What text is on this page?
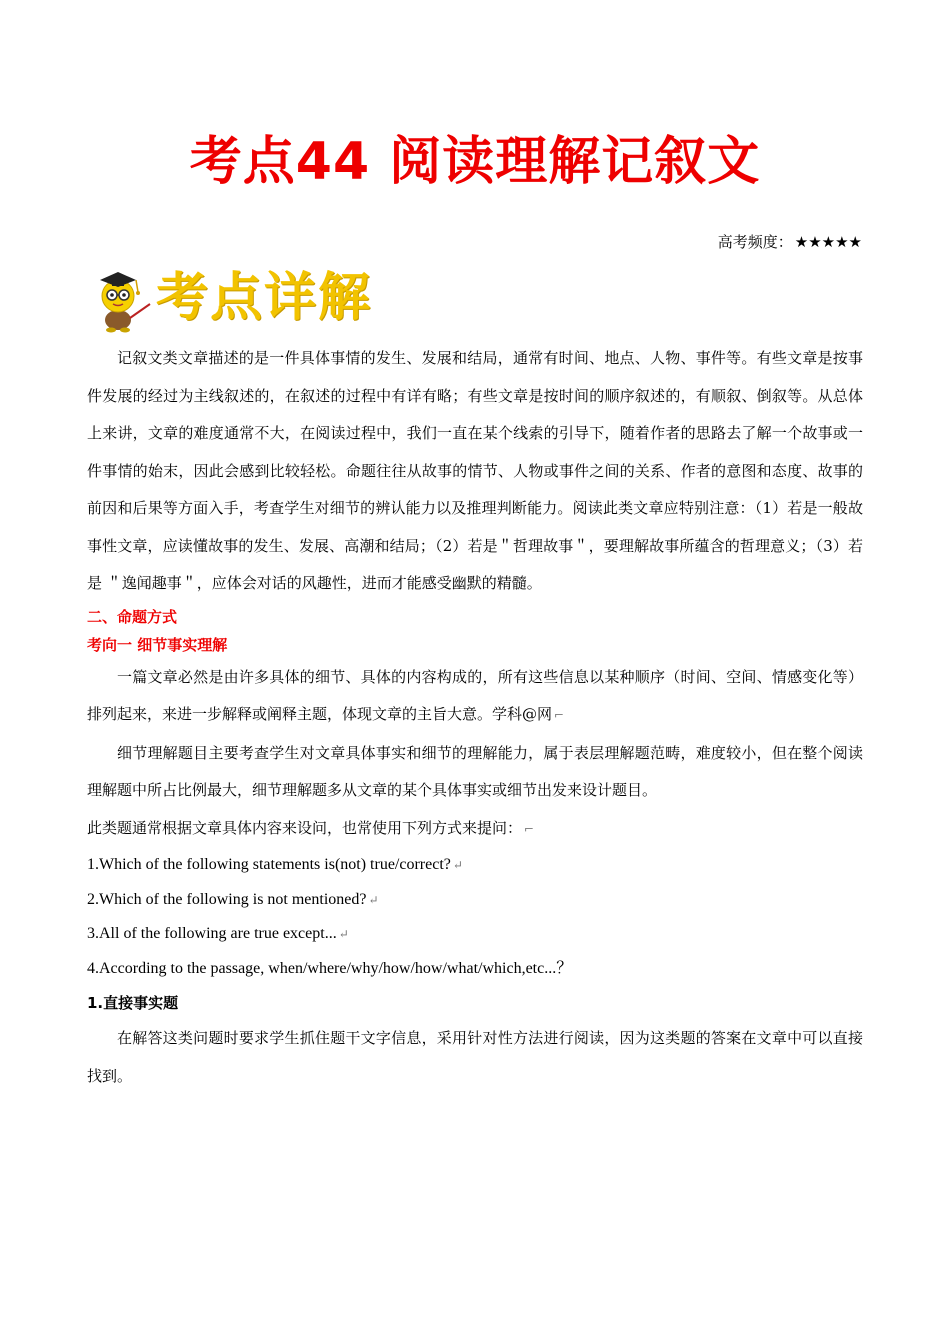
考点44 阅读理解记叙文
高考频度： ★★★★★
考点详解

记叙文类文章描述的是一件具体事情的发生、发展和结局，通常有时间、地点、人物、事件等。有些文章是按事件发展的经过为主线叙述的，在叙述的过程中有详有略；有些文章是按时间的顺序叙述的，有顺叙、倒叙等。从总体上来讲，文章的难度通常不大，在阅读过程中，我们一直在某个线索的引导下，随着作者的思路去了解一个故事或一件事情的始末，因此会感到比较轻松。命题往往从故事的情节、人物或事件之间的关系、作者的意图和态度、故事的前因和后果等方面入手，考查学生对细节的辨认能力以及推理判断能力。阅读此类文章应特别注意：（1）若是一般故事性文章，应读懂故事的发生、发展、高潮和结局；（2）若是＂哲理故事＂，要理解故事所蕴含的哲理意义；（3）若是 ＂逸闻趣事＂，应体会对话的风趣性，进而才能感受幽默的精髓。

二、命题方式

考向一 细节事实理解

一篇文章必然是由许多具体的细节、具体的内容构成的，所有这些信息以某种顺序（时间、空间、情感变化等）排列起来，来进一步解释或阐释主题，体现文章的主旨大意。学科@网 ⌐

细节理解题目主要考查学生对文章具体事实和细节的理解能力，属于表层理解题范畴，难度较小，但在整个阅读理解题中所占比例最大，细节理解题多从文章的某个具体事实或细节出发来设计题目。

此类题通常根据文章具体内容来设问，也常使用下列方式来提问： ⌐

1.Which of the following statements is(not) true/correct? ↵

2.Which of the following is not mentioned? ↵

3.All of the following are true except... ↵

4.According to the passage, when/where/why/how/how/what/which,etc...？

1.直接事实题

在解答这类问题时要求学生抓住题干文字信息，采用针对性方法进行阅读，因为这类题的答案在文章中可以直接找到。
